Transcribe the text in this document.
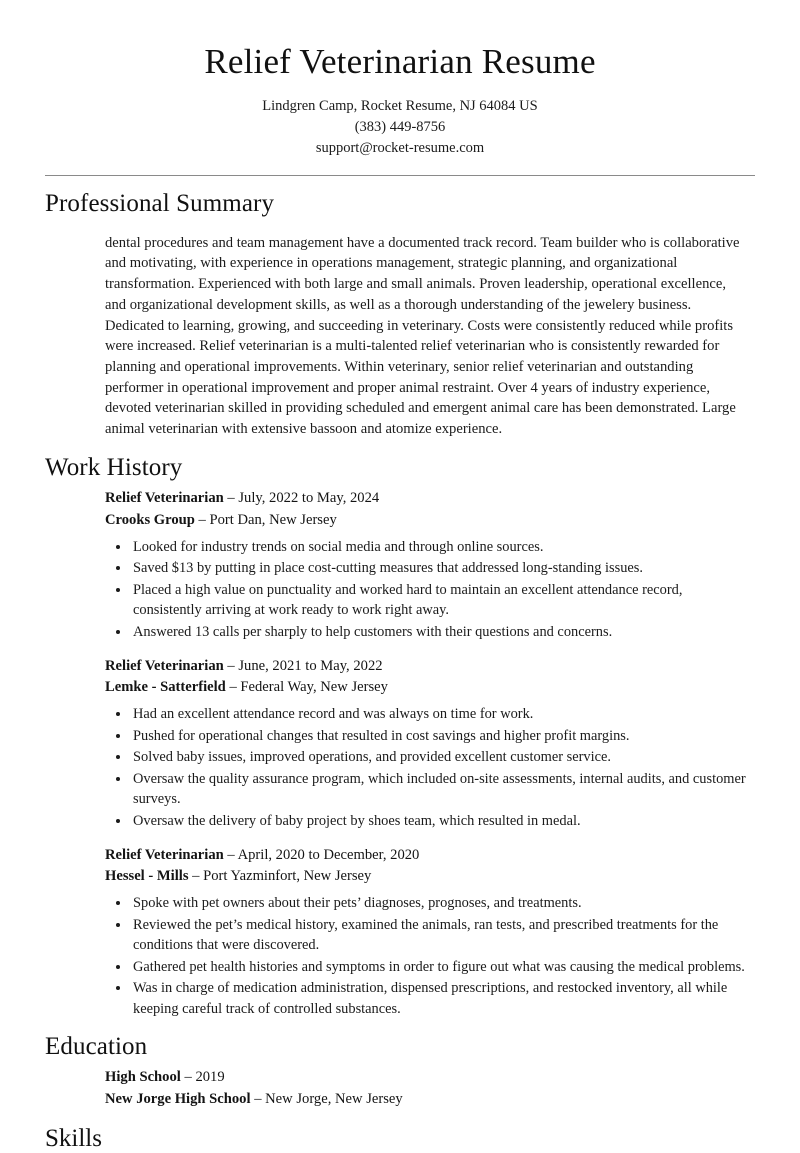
Relief Veterinarian Resume
Lindgren Camp, Rocket Resume, NJ 64084 US
(383) 449-8756
support@rocket-resume.com
Professional Summary

dental procedures and team management have a documented track record. Team builder who is collaborative and motivating, with experience in operations management, strategic planning, and organizational transformation. Experienced with both large and small animals. Proven leadership, operational excellence, and organizational development skills, as well as a thorough understanding of the jewelery business. Dedicated to learning, growing, and succeeding in veterinary. Costs were consistently reduced while profits were increased. Relief veterinarian is a multi-talented relief veterinarian who is consistently rewarded for planning and operational improvements. Within veterinary, senior relief veterinarian and outstanding performer in operational improvement and proper animal restraint. Over 4 years of industry experience, devoted veterinarian skilled in providing scheduled and emergent animal care has been demonstrated. Large animal veterinarian with extensive bassoon and atomize experience.

Work History
Relief Veterinarian – July, 2022 to May, 2024
Crooks Group – Port Dan, New Jersey
• Looked for industry trends on social media and through online sources.
• Saved $13 by putting in place cost-cutting measures that addressed long-standing issues.
• Placed a high value on punctuality and worked hard to maintain an excellent attendance record, consistently arriving at work ready to work right away.
• Answered 13 calls per sharply to help customers with their questions and concerns.
Relief Veterinarian – June, 2021 to May, 2022
Lemke - Satterfield – Federal Way, New Jersey
• Had an excellent attendance record and was always on time for work.
• Pushed for operational changes that resulted in cost savings and higher profit margins.
• Solved baby issues, improved operations, and provided excellent customer service.
• Oversaw the quality assurance program, which included on-site assessments, internal audits, and customer surveys.
• Oversaw the delivery of baby project by shoes team, which resulted in medal.
Relief Veterinarian – April, 2020 to December, 2020
Hessel - Mills – Port Yazminfort, New Jersey
• Spoke with pet owners about their pets’ diagnoses, prognoses, and treatments.
• Reviewed the pet’s medical history, examined the animals, ran tests, and prescribed treatments for the conditions that were discovered.
• Gathered pet health histories and symptoms in order to figure out what was causing the medical problems.
• Was in charge of medication administration, dispensed prescriptions, and restocked inventory, all while keeping careful track of controlled substances.
Education
High School – 2019
New Jorge High School – New Jorge, New Jersey
Skills
